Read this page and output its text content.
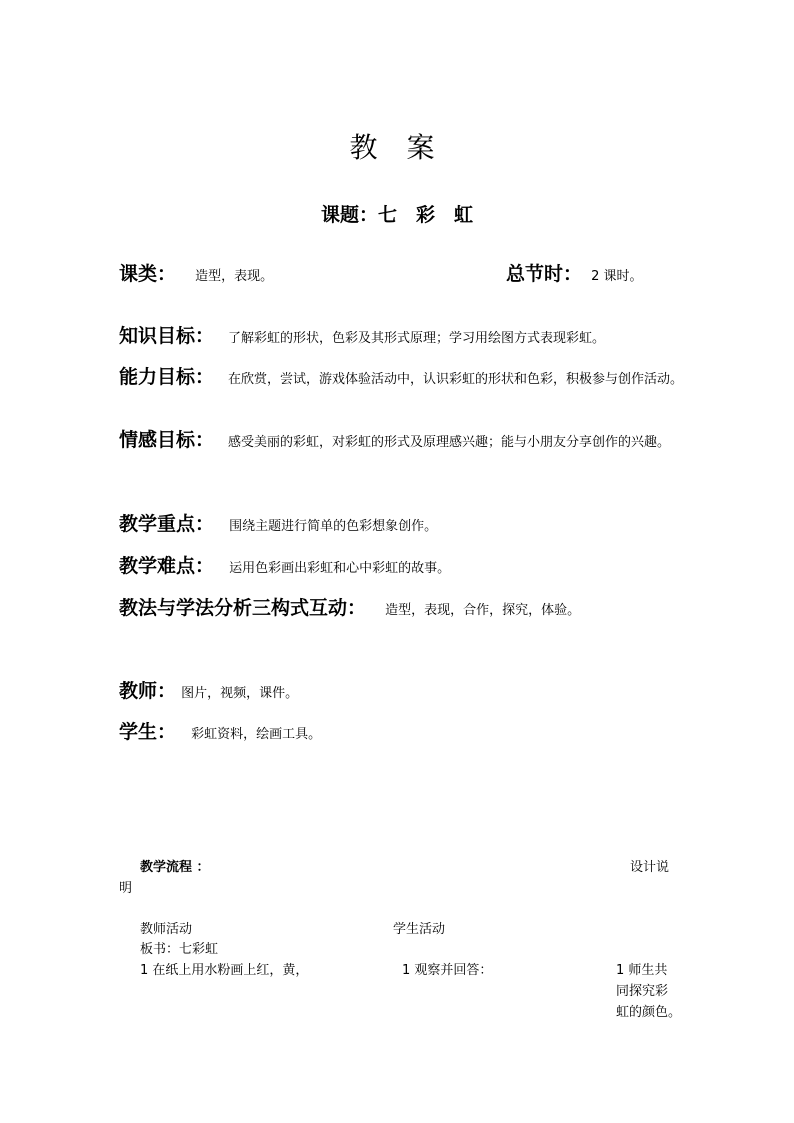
教 案
课题：七　彩　虹
课类： 造型，表现。	总节时： 2 课时。
知识目标： 了解彩虹的形状，色彩及其形式原理；学习用绘图方式表现彩虹。
能力目标： 在欣赏，尝试，游戏体验活动中，认识彩虹的形状和色彩，积极参与创作活动。
情感目标： 感受美丽的彩虹，对彩虹的形式及原理感兴趣；能与小朋友分享创作的兴趣。
教学重点： 围绕主题进行简单的色彩想象创作。
教学难点： 运用色彩画出彩虹和心中彩虹的故事。
教法与学法分析三构式互动： 造型，表现，合作，探究，体验。
教师： 图片，视频，课件。
学生： 彩虹资料，绘画工具。
教学流程 ：	设计说
明
教师活动	学生活动
板书：七彩虹
1 在纸上用水粉画上红，黄，	1 观察并回答：	1 师生共
同探究彩
虹的颜色。
